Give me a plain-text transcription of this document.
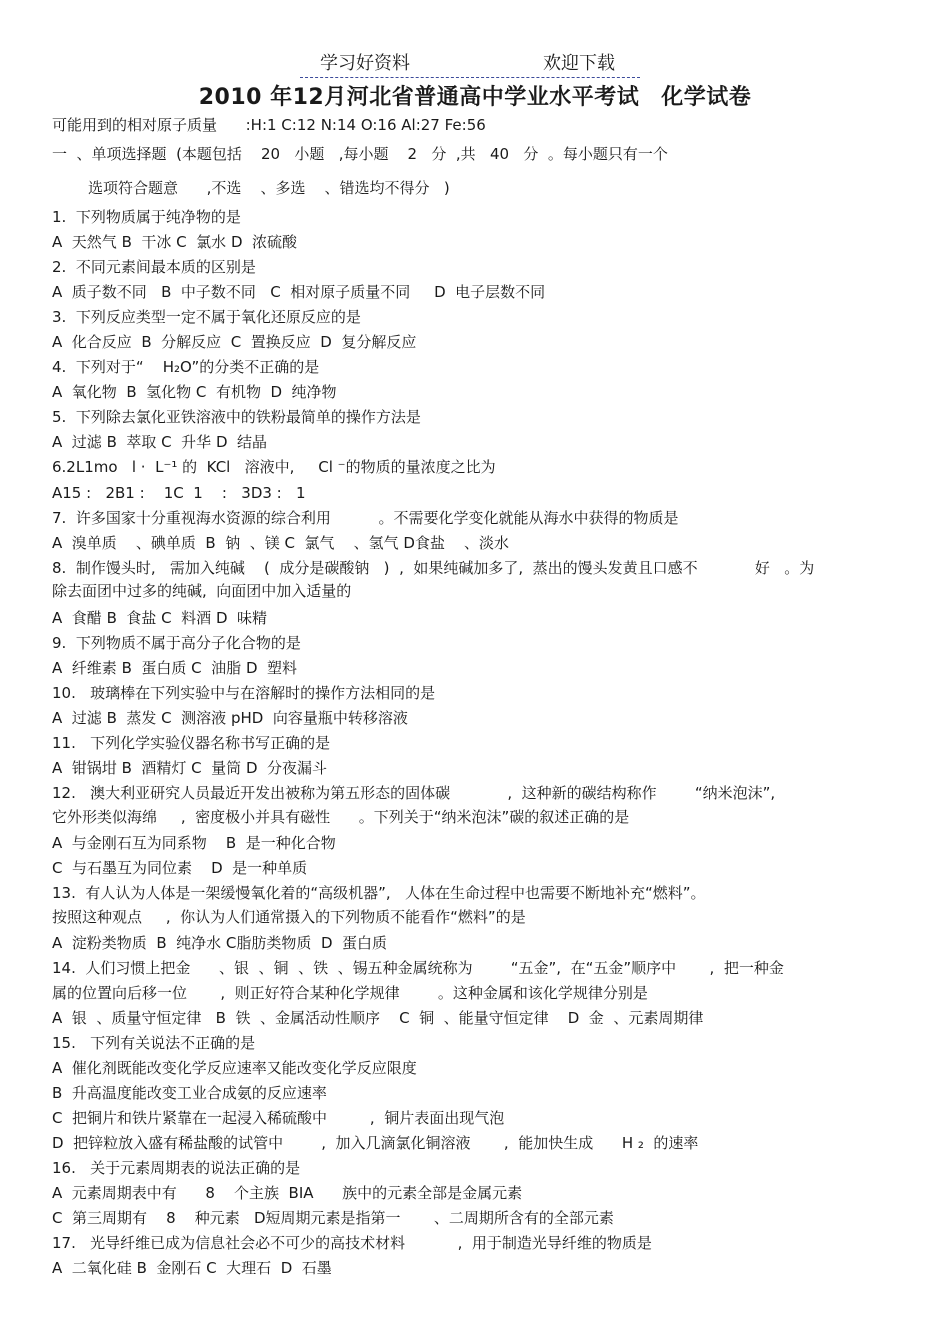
学习好资料	欢迎下载
2010 年12月河北省普通高中学业水平考试 化学试卷
可能用到的相对原子质量      :H:1 C:12 N:14 O:16 Al:27 Fe:56
一  、单项选择题  (本题包括    20   小题   ,每小题    2   分  ,共   40   分  。每小题只有一个
选项符合题意      ,不选    、多选    、错选均不得分   )
1.  下列物质属于纯净物的是
A  天然气 B  干冰 C  氯水 D  浓硫酸
2.  不同元素间最本质的区别是
A  质子数不同   B  中子数不同   C  相对原子质量不同     D  电子层数不同
3.  下列反应类型一定不属于氧化还原反应的是
A  化合反应  B  分解反应  C  置换反应  D  复分解反应
4.  下列对于“    H₂O”的分类不正确的是
A  氧化物  B  氢化物 C  有机物  D  纯净物
5.  下列除去氯化亚铁溶液中的铁粉最简单的操作方法是
A  过滤 B  萃取 C  升华 D  结晶
6.2L1mo   l ·  L⁻¹ 的  KCl   溶液中,     Cl ⁻的物质的量浓度之比为
A15 :   2B1 :    1C  1    :   3D3 :   1
7.  许多国家十分重视海水资源的综合利用          。不需要化学变化就能从海水中获得的物质是
A  溴单质    、碘单质  B  钠  、镁 C  氯气    、氢气 D食盐    、淡水
8.  制作馒头时,   需加入纯碱    (  成分是碳酸钠   )  ,  如果纯碱加多了,  蒸出的馒头发黄且口感不            好   。为
除去面团中过多的纯碱,  向面团中加入适量的
A  食醋 B  食盐 C  料酒 D  味精
9.  下列物质不属于高分子化合物的是
A  纤维素 B  蛋白质 C  油脂 D  塑料
10.   玻璃棒在下列实验中与在溶解时的操作方法相同的是
A  过滤 B  蒸发 C  测溶液 pHD  向容量瓶中转移溶液
11.   下列化学实验仪器名称书写正确的是
A  钳锅坩 B  酒精灯 C  量筒 D  分夜漏斗
12.   澳大利亚研究人员最近开发出被称为第五形态的固体碳            ,  这种新的碳结构称作        “纳米泡沫”,
它外形类似海绵     ,  密度极小并具有磁性      。下列关于“纳米泡沫”碳的叙述正确的是
A  与金刚石互为同系物    B  是一种化合物
C  与石墨互为同位素    D  是一种单质
13.  有人认为人体是一架缓慢氧化着的“高级机器”,   人体在生命过程中也需要不断地补充“燃料”。
按照这种观点     ,  你认为人们通常摄入的下列物质不能看作“燃料”的是
A  淀粉类物质  B  纯净水 C脂肪类物质  D  蛋白质
14.  人们习惯上把金      、银  、铜  、铁  、锡五种金属统称为        “五金”,  在“五金”顺序中       ,  把一种金
属的位置向后移一位       ,  则正好符合某种化学规律        。这种金属和该化学规律分别是
A  银  、质量守恒定律   B  铁  、金属活动性顺序    C  铜  、能量守恒定律    D  金  、元素周期律
15.   下列有关说法不正确的是
A  催化剂既能改变化学反应速率又能改变化学反应限度
B  升高温度能改变工业合成氨的反应速率
C  把铜片和铁片紧靠在一起浸入稀硫酸中         ,  铜片表面出现气泡
D  把锌粒放入盛有稀盐酸的试管中        ,  加入几滴氯化铜溶液       ,  能加快生成      H ₂  的速率
16.   关于元素周期表的说法正确的是
A  元素周期表中有      8    个主族  BIA      族中的元素全部是金属元素
C  第三周期有    8    种元素   D短周期元素是指第一       、二周期所含有的全部元素
17.   光导纤维已成为信息社会必不可少的高技术材料           ,  用于制造光导纤维的物质是
A  二氧化硅 B  金刚石 C  大理石  D  石墨
